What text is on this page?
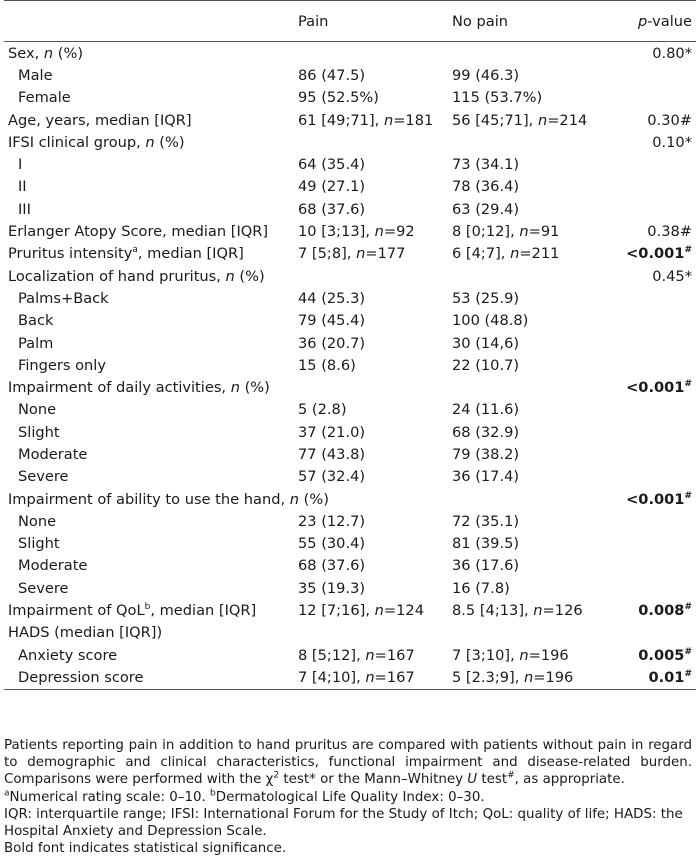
	Pain	No pain	p-value
Sex, n (%)			0.80*
Male	86 (47.5)	99 (46.3)	
Female	95 (52.5%)	115 (53.7%)	
Age, years, median [IQR]	61 [49;71], n=181	56 [45;71], n=214	0.30#
IFSI clinical group, n (%)			0.10*
I	64 (35.4)	73 (34.1)	
II	49 (27.1)	78 (36.4)	
III	68 (37.6)	63 (29.4)	
Erlanger Atopy Score, median [IQR]	10 [3;13], n=92	8 [0;12], n=91	0.38#
Pruritus intensity$^a$, median [IQR]	7 [5;8], n=177	6 [4;7], n=211	<0.001#
Localization of hand pruritus, n (%)			0.45*
Palms+Back	44 (25.3)	53 (25.9)	
Back	79 (45.4)	100 (48.8)	
Palm	36 (20.7)	30 (14,6)	
Fingers only	15 (8.6)	22 (10.7)	
Impairment of daily activities, n (%)			<0.001#
None	5 (2.8)	24 (11.6)	
Slight	37 (21.0)	68 (32.9)	
Moderate	77 (43.8)	79 (38.2)	
Severe	57 (32.4)	36 (17.4)	
Impairment of ability to use the hand, n (%)			<0.001#
None	23 (12.7)	72 (35.1)	
Slight	55 (30.4)	81 (39.5)	
Moderate	68 (37.6)	36 (17.6)	
Severe	35 (19.3)	16 (7.8)	
Impairment of QoL$^b$, median [IQR]	12 [7;16], n=124	8.5 [4;13], n=126	0.008#
HADS (median [IQR])			
Anxiety score	8 [5;12], n=167	7 [3;10], n=196	0.005#
Depression score	7 [4;10], n=167	5 [2.3;9], n=196	0.01#

Patients reporting pain in addition to hand pruritus are compared with patients without pain in regard to demographic and clinical characteristics, functional impairment and disease-related burden. Comparisons were performed with the $\chi^2$ test* or the Mann–Whitney U test#, as appropriate.

$^a$Numerical rating scale: 0–10. $^b$Dermatological Life Quality Index: 0–30.

IQR: interquartile range; IFSI: International Forum for the Study of Itch; QoL: quality of life; HADS: the Hospital Anxiety and Depression Scale.

Bold font indicates statistical significance.
